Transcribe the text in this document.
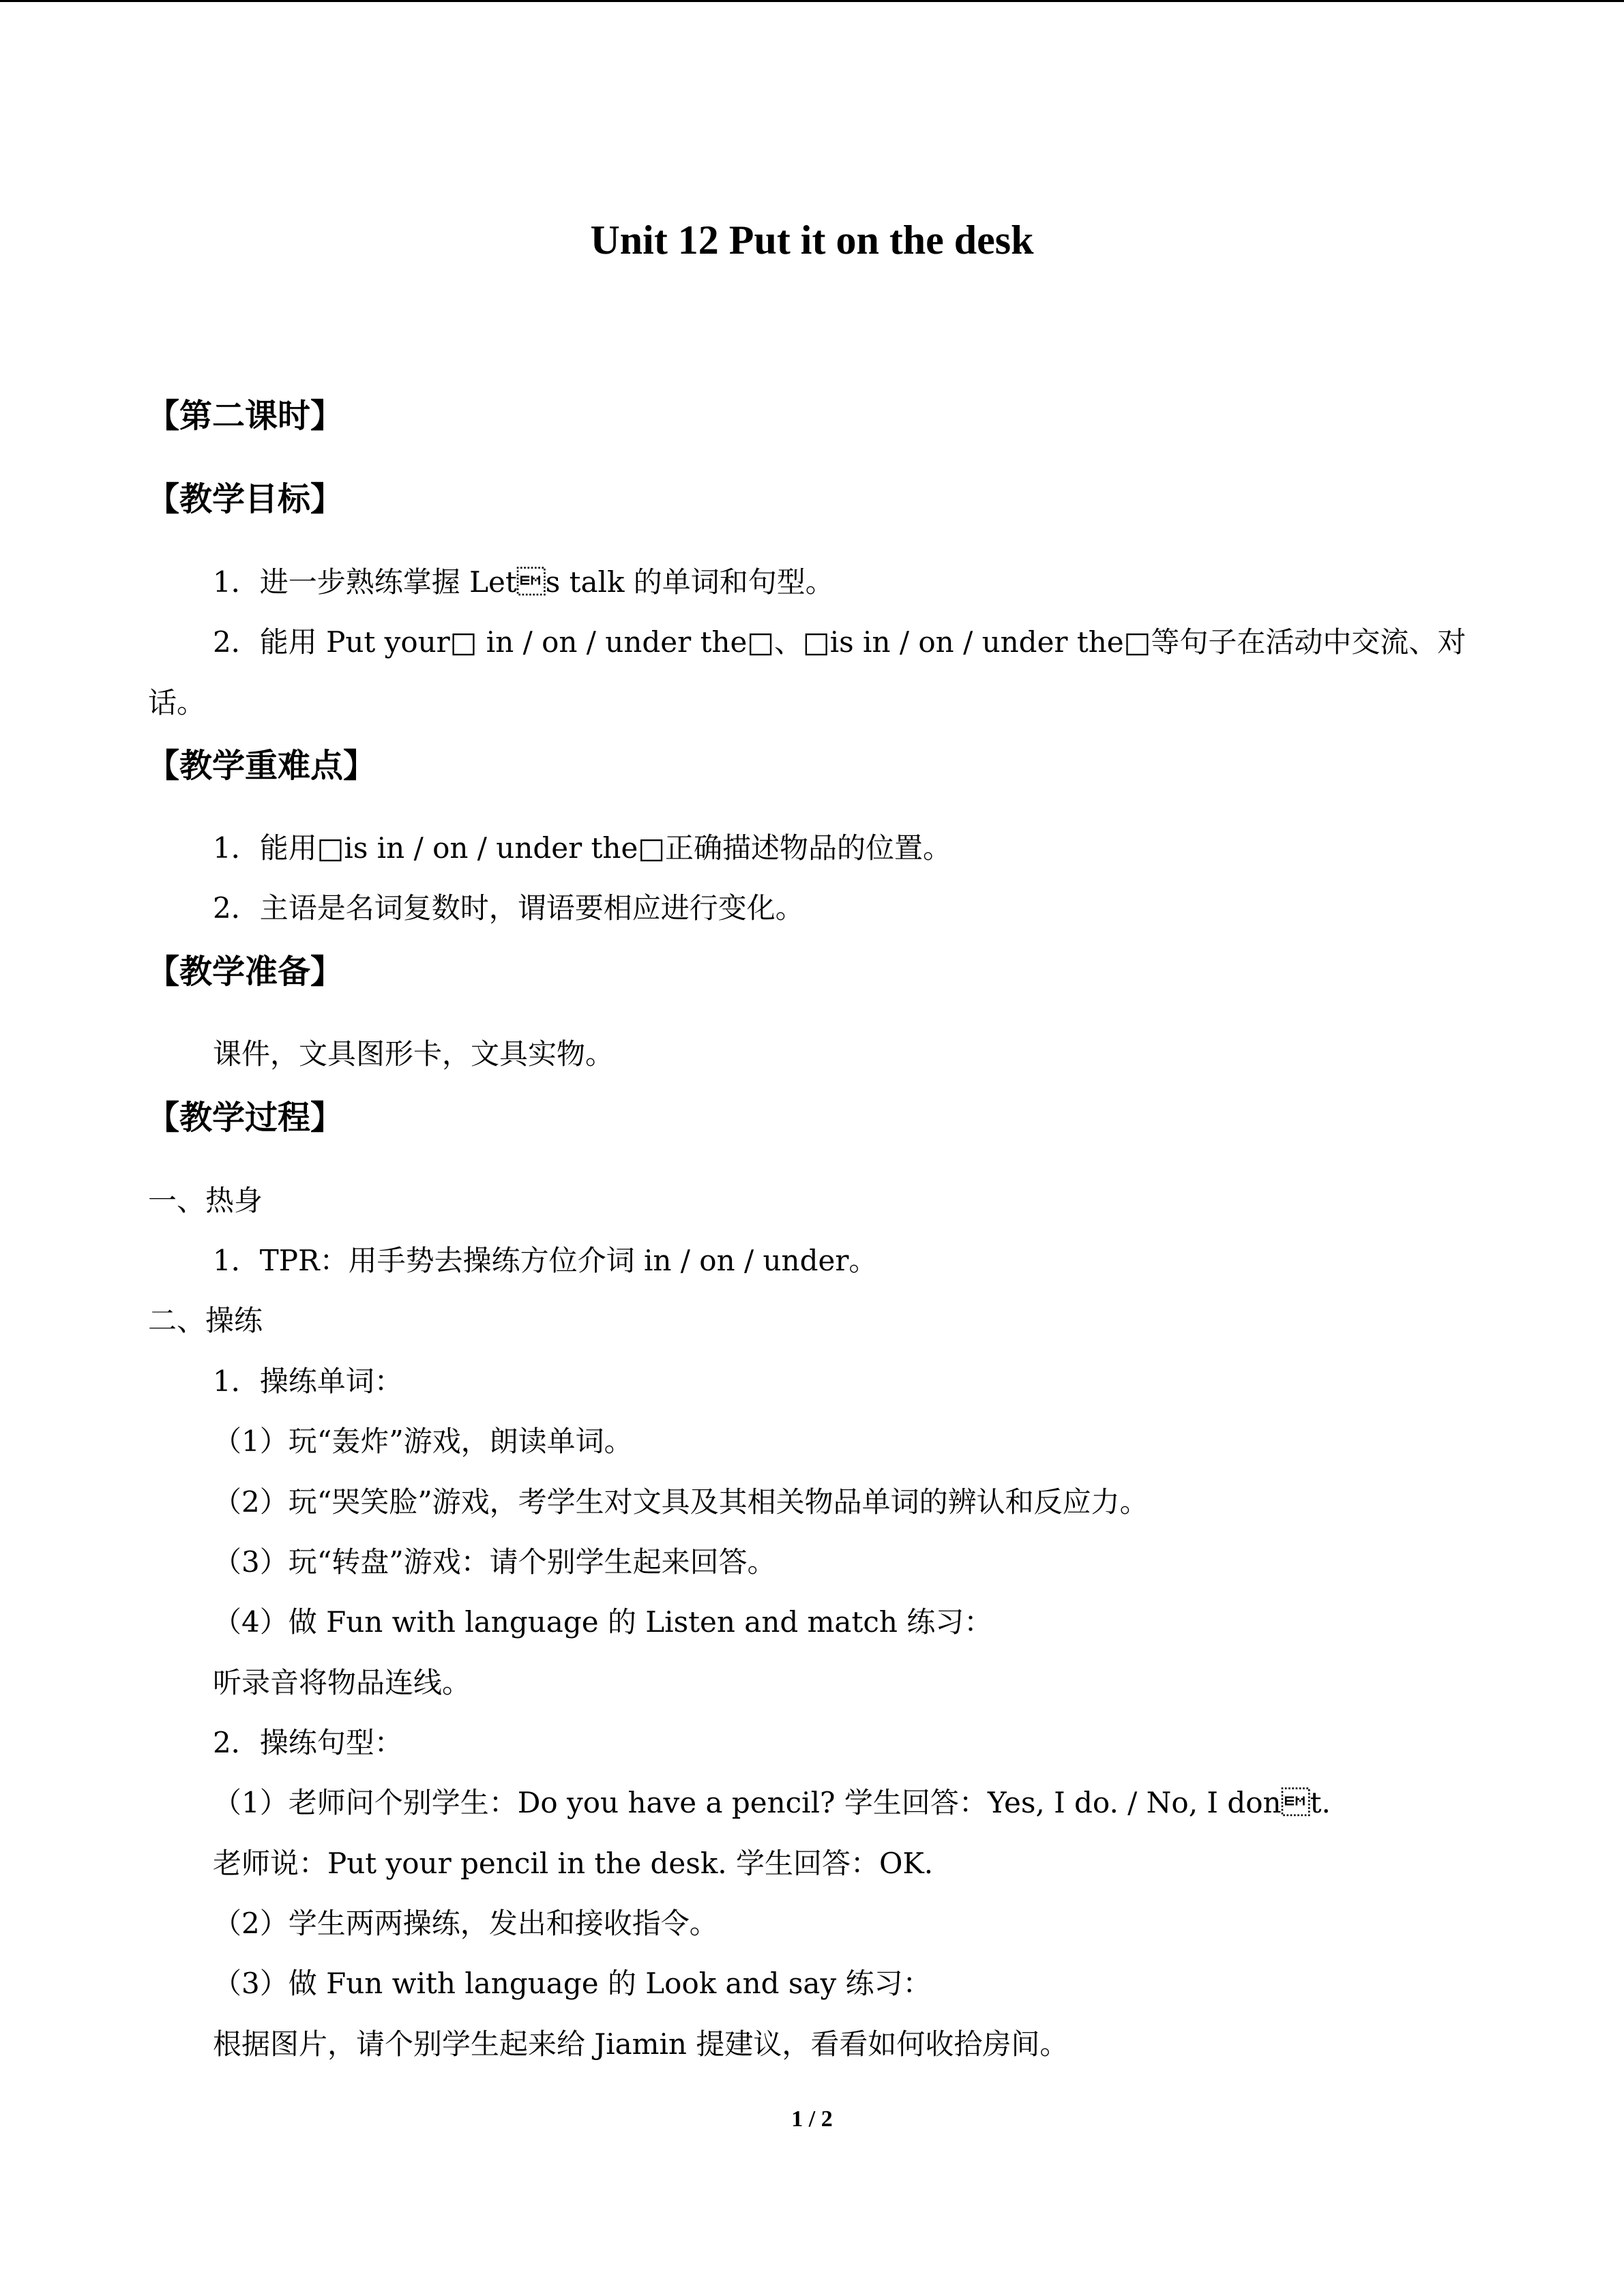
Unit 12 Put it on the desk
【第二课时】
【教学目标】

1．进一步熟练掌握 Lets talk 的单词和句型。

2．能用 Put your□ in / on / under the□、□is in / on / under the□等句子在活动中交流、对

话。

【教学重难点】

1．能用□is in / on / under the□正确描述物品的位置。

2．主语是名词复数时，谓语要相应进行变化。

【教学准备】

课件，文具图形卡，文具实物。

【教学过程】

一、热身

1．TPR：用手势去操练方位介词 in / on / under。

二、操练

1．操练单词：

（1）玩“轰炸”游戏，朗读单词。

（2）玩“哭笑脸”游戏，考学生对文具及其相关物品单词的辨认和反应力。

（3）玩“转盘”游戏：请个别学生起来回答。

（4）做 Fun with language 的 Listen and match 练习：

听录音将物品连线。

2．操练句型：

（1）老师问个别学生：Do you have a pencil? 学生回答：Yes, I do. / No, I dont.

老师说：Put your pencil in the desk. 学生回答：OK.

（2）学生两两操练，发出和接收指令。

（3）做 Fun with language 的 Look and say 练习：

根据图片，请个别学生起来给 Jiamin 提建议，看看如何收拾房间。

1 / 2
